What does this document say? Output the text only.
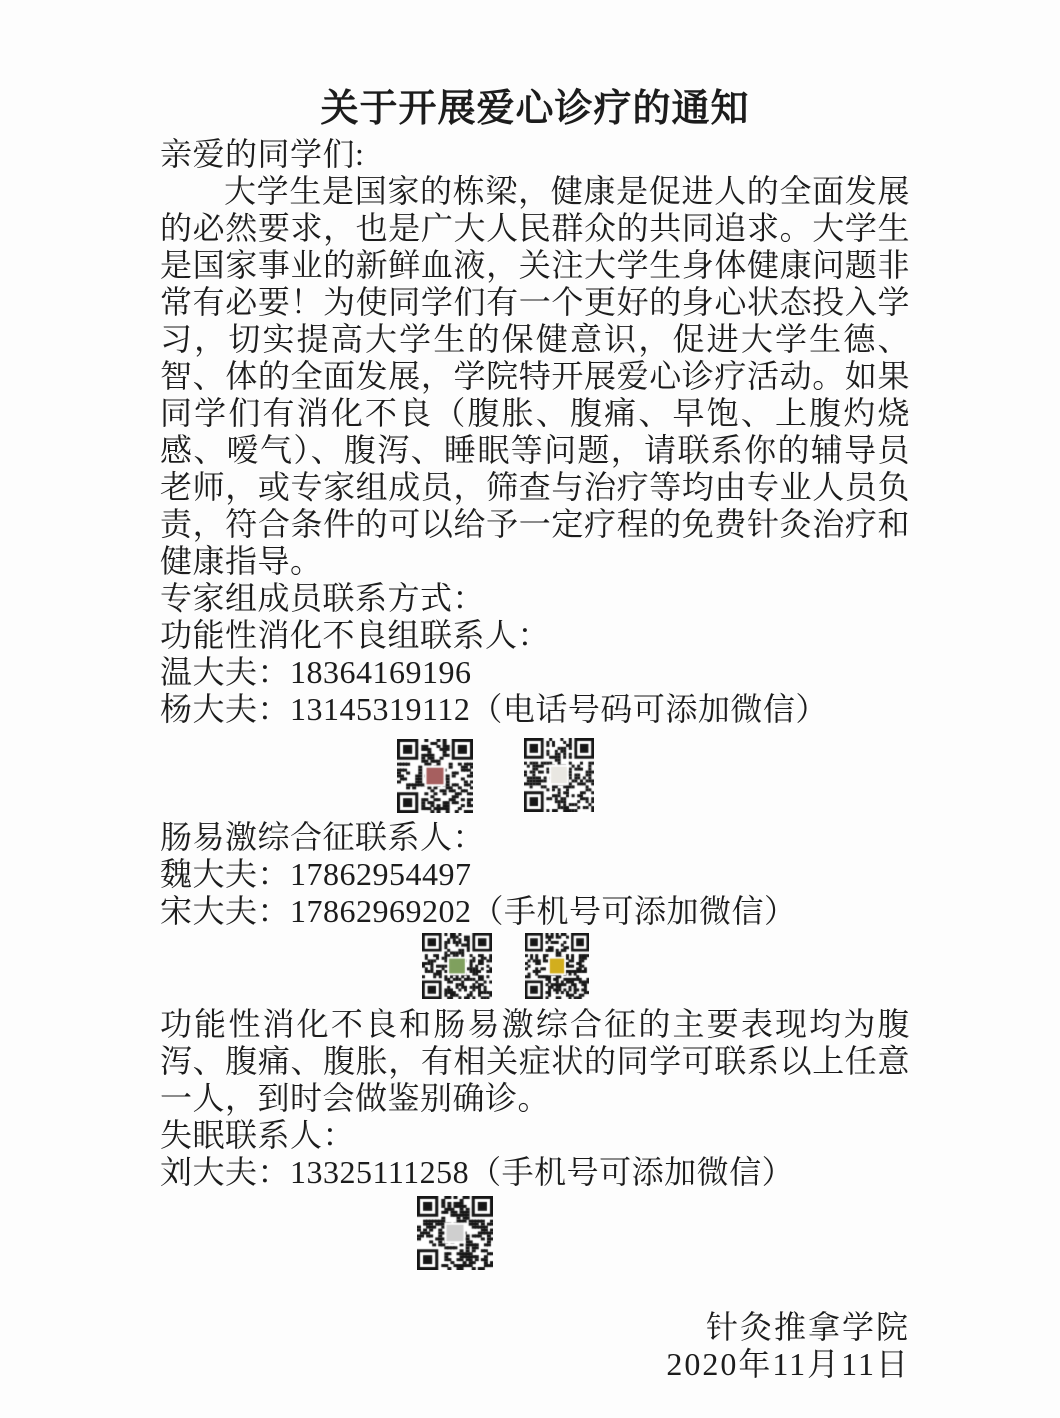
关于开展爱心诊疗的通知
亲爱的同学们:
大学生是国家的栋梁，健康是促进人的全面发展
的必然要求，也是广大人民群众的共同追求。大学生
是国家事业的新鲜血液，关注大学生身体健康问题非
常有必要！为使同学们有一个更好的身心状态投入学
习，切实提高大学生的保健意识，促进大学生德、
智、体的全面发展，学院特开展爱心诊疗活动。如果
同学们有消化不良（腹胀、腹痛、早饱、上腹灼烧
感、嗳气）、腹泻、睡眠等问题，请联系你的辅导员
老师，或专家组成员，筛查与治疗等均由专业人员负
责，符合条件的可以给予一定疗程的免费针灸治疗和
健康指导。
专家组成员联系方式：
功能性消化不良组联系人：
温大夫：18364169196
杨大夫：13145319112（电话号码可添加微信）
肠易激综合征联系人：
魏大夫：17862954497
宋大夫：17862969202（手机号可添加微信）
功能性消化不良和肠易激综合征的主要表现均为腹
泻、腹痛、腹胀，有相关症状的同学可联系以上任意
一人，到时会做鉴别确诊。
失眠联系人：
刘大夫：13325111258（手机号可添加微信）
针灸推拿学院
2020年11月11日
